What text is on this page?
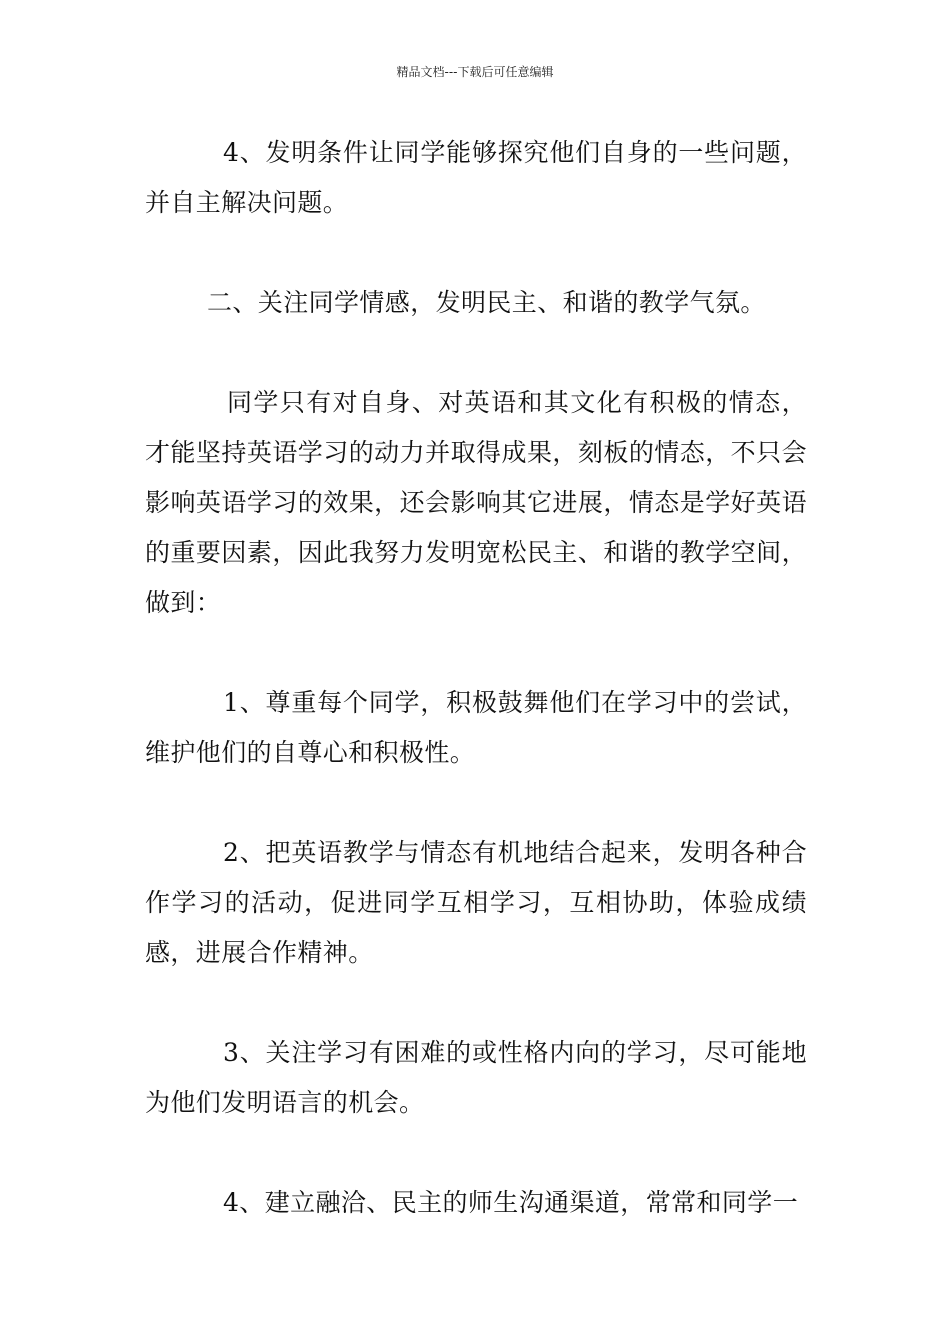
精品文档---下载后可任意编辑

4、发明条件让同学能够探究他们自身的一些问题，并自主解决问题。

二、关注同学情感，发明民主、和谐的教学气氛。

同学只有对自身、对英语和其文化有积极的情态，才能坚持英语学习的动力并取得成果，刻板的情态，不只会影响英语学习的效果，还会影响其它进展，情态是学好英语的重要因素，因此我努力发明宽松民主、和谐的教学空间，做到：

1、尊重每个同学，积极鼓舞他们在学习中的尝试，维护他们的自尊心和积极性。

2、把英语教学与情态有机地结合起来，发明各种合作学习的活动，促进同学互相学习，互相协助，体验成绩感，进展合作精神。

3、关注学习有困难的或性格内向的学习，尽可能地为他们发明语言的机会。

4、建立融洽、民主的师生沟通渠道，常常和同学一
